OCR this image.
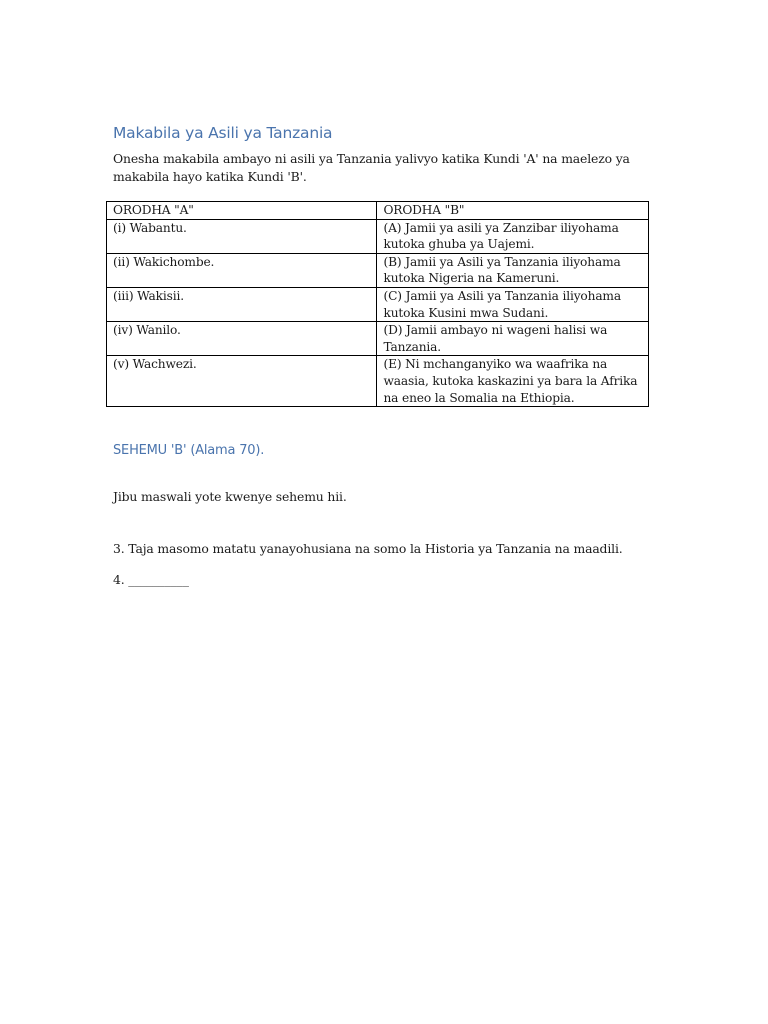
Makabila ya Asili ya Tanzania
Onesha makabila ambayo ni asili ya Tanzania yalivyo katika Kundi 'A' na maelezo ya makabila hayo katika Kundi 'B'.
ORODHA "A"	ORODHA "B"
(i) Wabantu.	(A) Jamii ya asili ya Zanzibar iliyohama kutoka ghuba ya Uajemi.
(ii) Wakichombe.	(B) Jamii ya Asili ya Tanzania iliyohama kutoka Nigeria na Kameruni.
(iii) Wakisii.	(C) Jamii ya Asili ya Tanzania iliyohama kutoka Kusini mwa Sudani.
(iv) Wanilo.	(D) Jamii ambayo ni wageni halisi wa Tanzania.
(v) Wachwezi.	(E) Ni mchanganyiko wa waafrika na waasia, kutoka kaskazini ya bara la Afrika na eneo la Somalia na Ethiopia.
SEHEMU 'B' (Alama 70).
Jibu maswali yote kwenye sehemu hii.
3. Taja masomo matatu yanayohusiana na somo la Historia ya Tanzania na maadili.
4. __________
